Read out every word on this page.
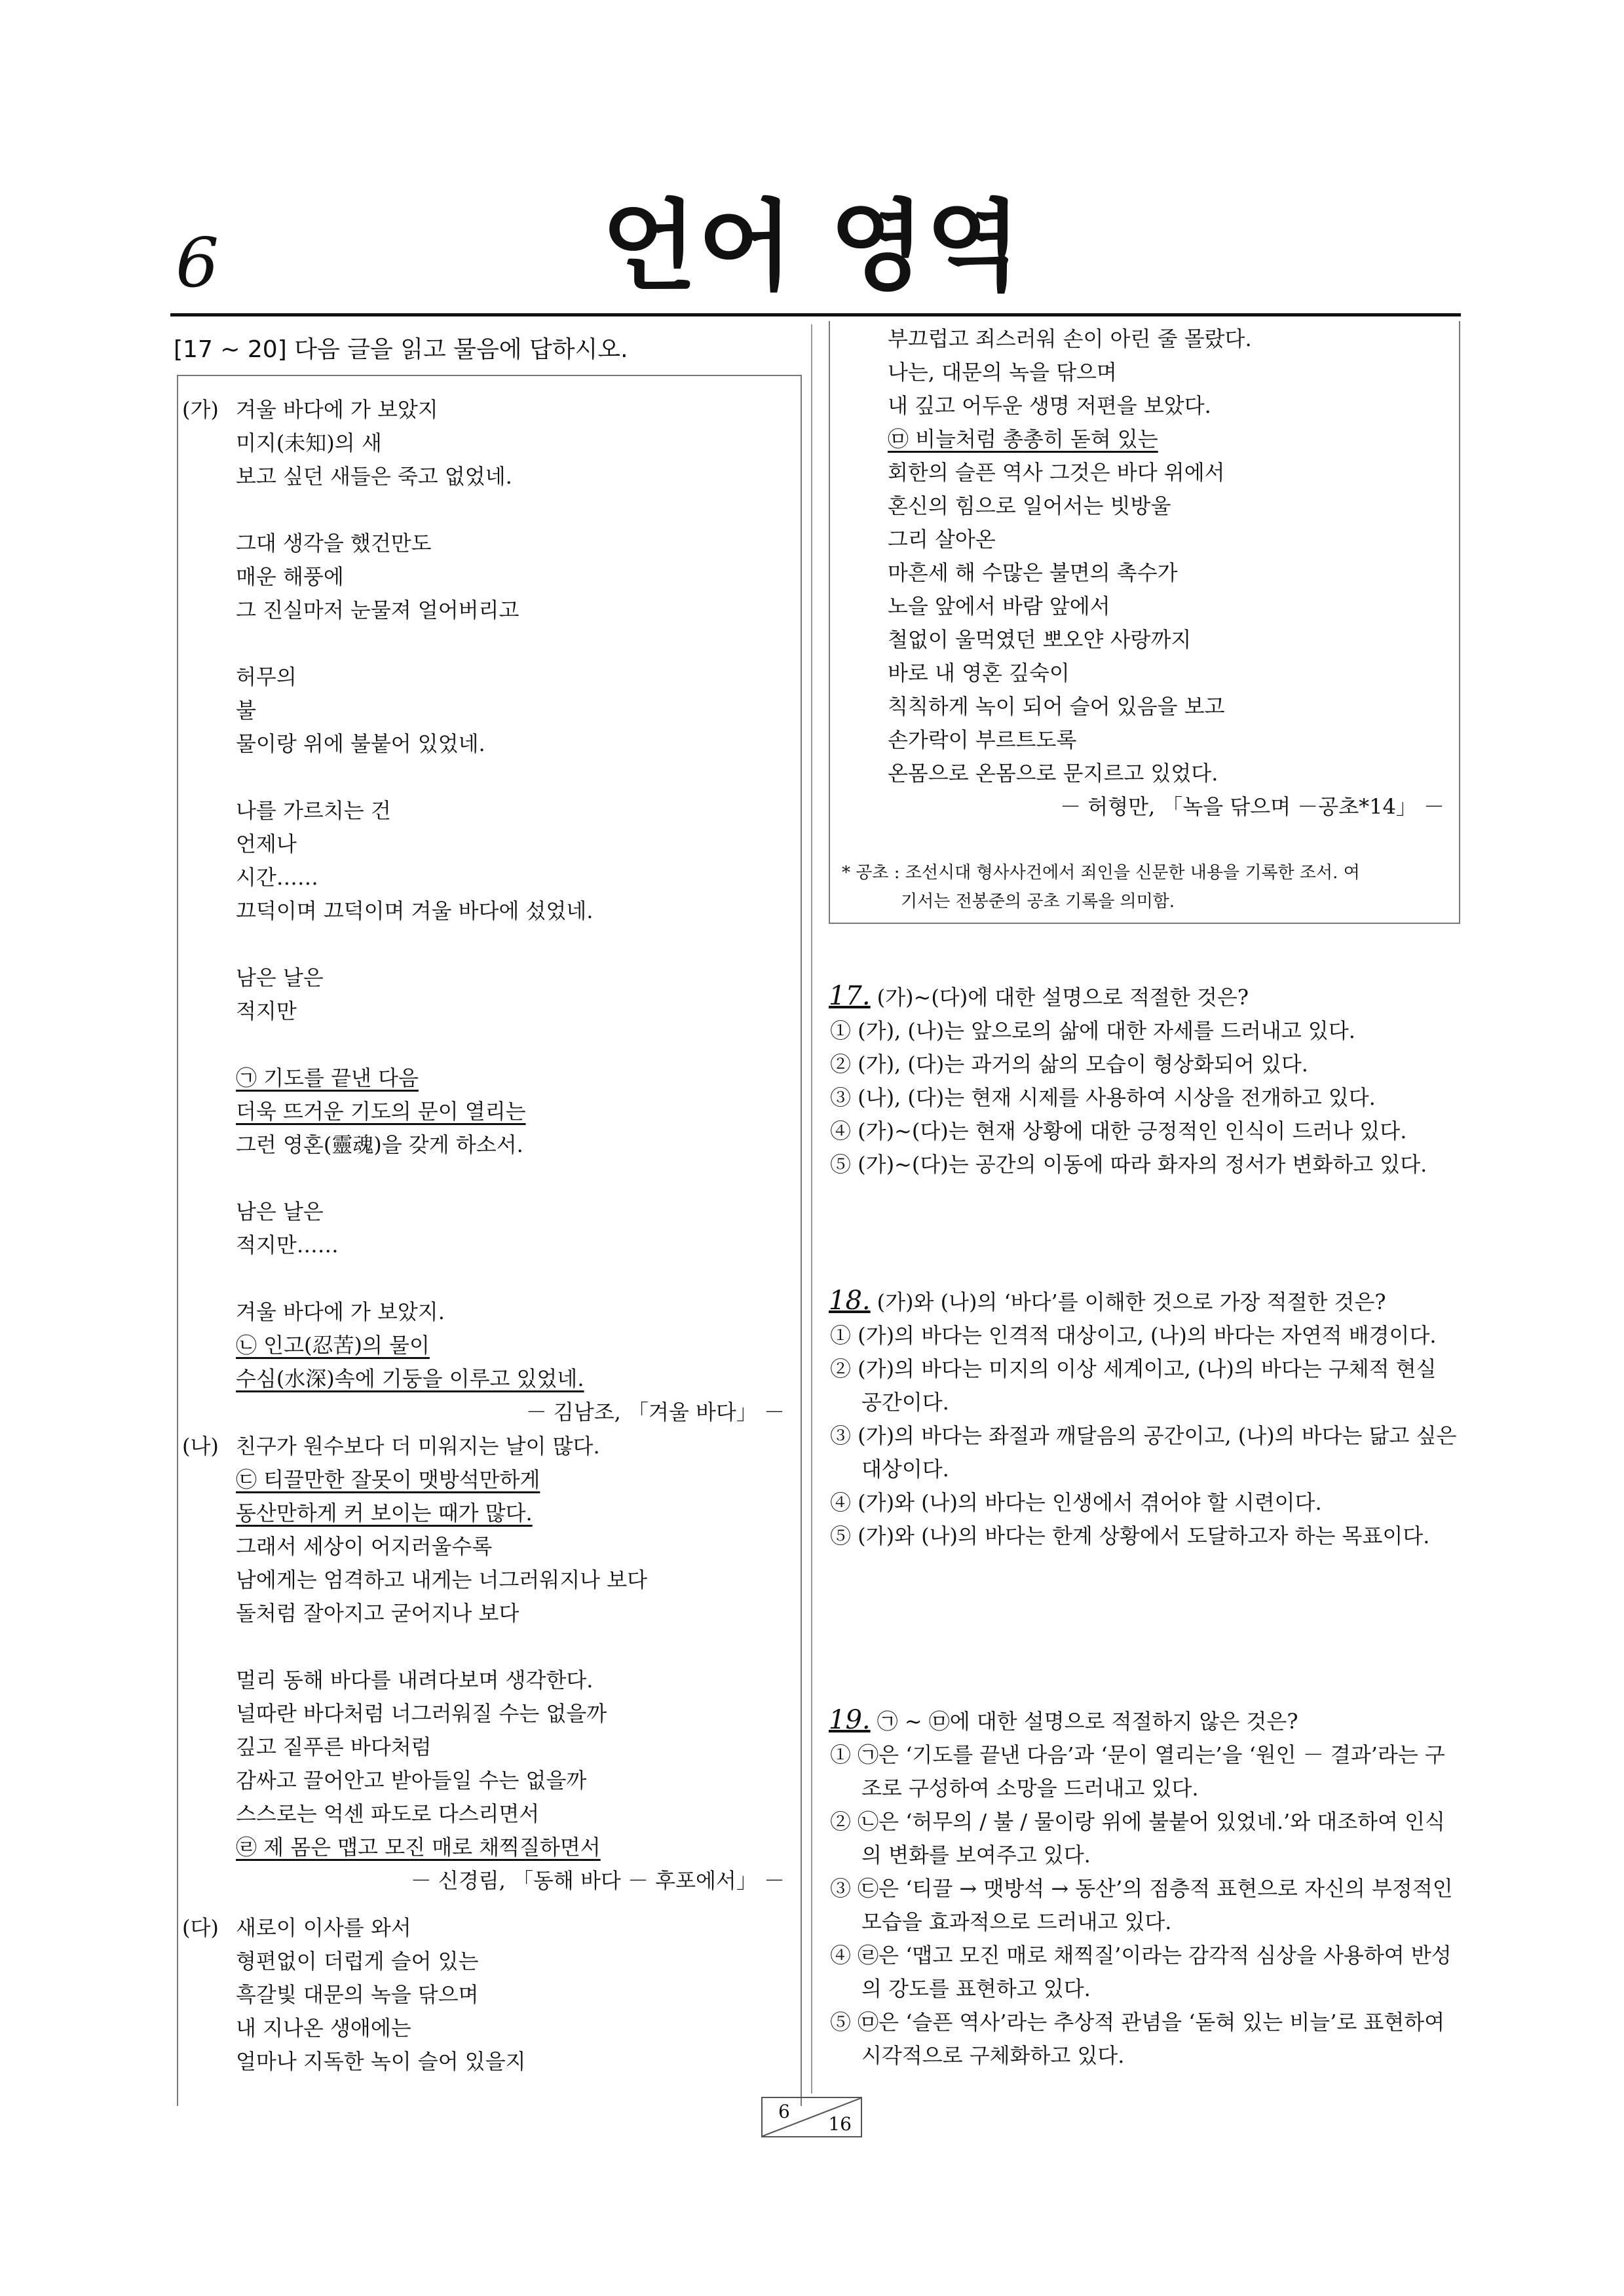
6	언어 영역
[17 ~ 20] 다음 글을 읽고 물음에 답하시오.
(가) 겨울 바다에 가 보았지
미지(未知)의 새
보고 싶던 새들은 죽고 없었네.
그대 생각을 했건만도
매운 해풍에
그 진실마저 눈물져 얼어버리고
허무의
불
물이랑 위에 불붙어 있었네.
나를 가르치는 건
언제나
시간……
끄덕이며 끄덕이며 겨울 바다에 섰었네.
남은 날은
적지만
㉠ 기도를 끝낸 다음
더욱 뜨거운 기도의 문이 열리는
그런 영혼(靈魂)을 갖게 하소서.
남은 날은
적지만……
겨울 바다에 가 보았지.
㉡ 인고(忍苦)의 물이
수심(水深)속에 기둥을 이루고 있었네.
－ 김남조, 「겨울 바다」 －
(나) 친구가 원수보다 더 미워지는 날이 많다.
㉢ 티끌만한 잘못이 맷방석만하게
동산만하게 커 보이는 때가 많다.
그래서 세상이 어지러울수록
남에게는 엄격하고 내게는 너그러워지나 보다
돌처럼 잘아지고 굳어지나 보다
멀리 동해 바다를 내려다보며 생각한다.
널따란 바다처럼 너그러워질 수는 없을까
깊고 짙푸른 바다처럼
감싸고 끌어안고 받아들일 수는 없을까
스스로는 억센 파도로 다스리면서
㉣ 제 몸은 맵고 모진 매로 채찍질하면서
－ 신경림, 「동해 바다 － 후포에서」 －
(다) 새로이 이사를 와서
형편없이 더럽게 슬어 있는
흑갈빛 대문의 녹을 닦으며
내 지나온 생애에는
얼마나 지독한 녹이 슬어 있을지
부끄럽고 죄스러워 손이 아린 줄 몰랐다.
나는, 대문의 녹을 닦으며
내 깊고 어두운 생명 저편을 보았다.
㉤ 비늘처럼 총총히 돋혀 있는
회한의 슬픈 역사 그것은 바다 위에서
혼신의 힘으로 일어서는 빗방울
그리 살아온
마흔세 해 수많은 불면의 촉수가
노을 앞에서 바람 앞에서
철없이 울먹였던 뽀오얀 사랑까지
바로 내 영혼 깊숙이
칙칙하게 녹이 되어 슬어 있음을 보고
손가락이 부르트도록
온몸으로 온몸으로 문지르고 있었다.
－ 허형만, 「녹을 닦으며 －공초*14」 －
* 공초 : 조선시대 형사사건에서 죄인을 신문한 내용을 기록한 조서. 여
기서는 전봉준의 공초 기록을 의미함.
17. (가)~(다)에 대한 설명으로 적절한 것은?
① (가), (나)는 앞으로의 삶에 대한 자세를 드러내고 있다.
② (가), (다)는 과거의 삶의 모습이 형상화되어 있다.
③ (나), (다)는 현재 시제를 사용하여 시상을 전개하고 있다.
④ (가)~(다)는 현재 상황에 대한 긍정적인 인식이 드러나 있다.
⑤ (가)~(다)는 공간의 이동에 따라 화자의 정서가 변화하고 있다.
18. (가)와 (나)의 ‘바다’를 이해한 것으로 가장 적절한 것은?
① (가)의 바다는 인격적 대상이고, (나)의 바다는 자연적 배경이다.
② (가)의 바다는 미지의 이상 세계이고, (나)의 바다는 구체적 현실 공간이다.
③ (가)의 바다는 좌절과 깨달음의 공간이고, (나)의 바다는 닮고 싶은 대상이다.
④ (가)와 (나)의 바다는 인생에서 겪어야 할 시련이다.
⑤ (가)와 (나)의 바다는 한계 상황에서 도달하고자 하는 목표이다.
19. ㉠ ~ ㉤에 대한 설명으로 적절하지 않은 것은?
① ㉠은 ‘기도를 끝낸 다음’과 ‘문이 열리는’을 ‘원인 － 결과’라는 구조로 구성하여 소망을 드러내고 있다.
② ㉡은 ‘허무의 / 불 / 물이랑 위에 불붙어 있었네.’와 대조하여 인식의 변화를 보여주고 있다.
③ ㉢은 ‘티끌 → 맷방석 → 동산’의 점층적 표현으로 자신의 부정적인 모습을 효과적으로 드러내고 있다.
④ ㉣은 ‘맵고 모진 매로 채찍질’이라는 감각적 심상을 사용하여 반성의 강도를 표현하고 있다.
⑤ ㉤은 ‘슬픈 역사’라는 추상적 관념을 ‘돋혀 있는 비늘’로 표현하여 시각적으로 구체화하고 있다.
6
16
